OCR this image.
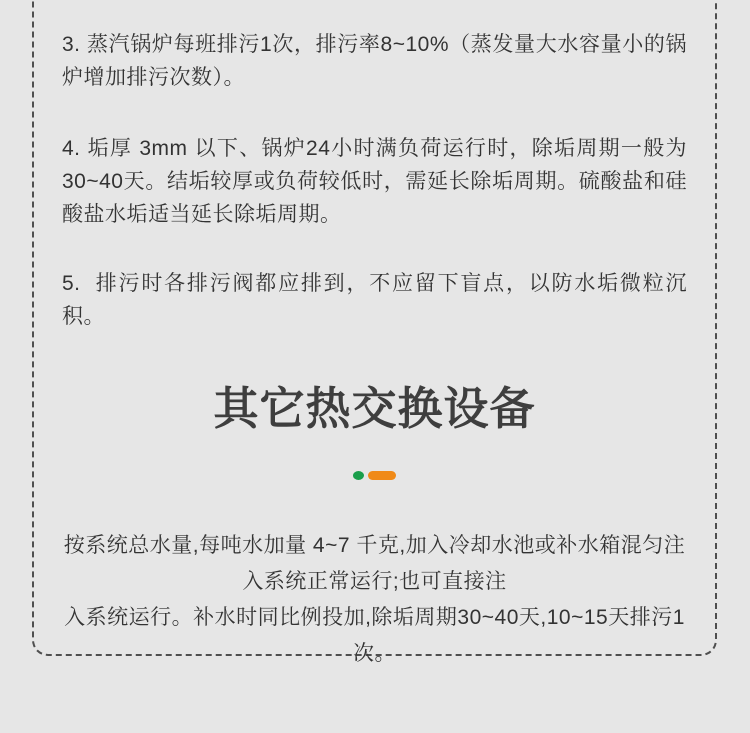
3. 蒸汽锅炉每班排污1次，排污率8~10%（蒸发量大水容量小的锅炉增加排污次数）。

4. 垢厚 3mm 以下、锅炉24小时满负荷运行时，除垢周期一般为30~40天。结垢较厚或负荷较低时，需延长除垢周期。硫酸盐和硅酸盐水垢适当延长除垢周期。

5.  排污时各排污阀都应排到，不应留下盲点，以防水垢微粒沉积。

其它热交换设备

按系统总水量,每吨水加量 4~7 千克,加入冷却水池或补水箱混匀注入系统正常运行;也可直接注

入系统运行。补水时同比例投加,除垢周期30~40天,10~15天排污1次。
